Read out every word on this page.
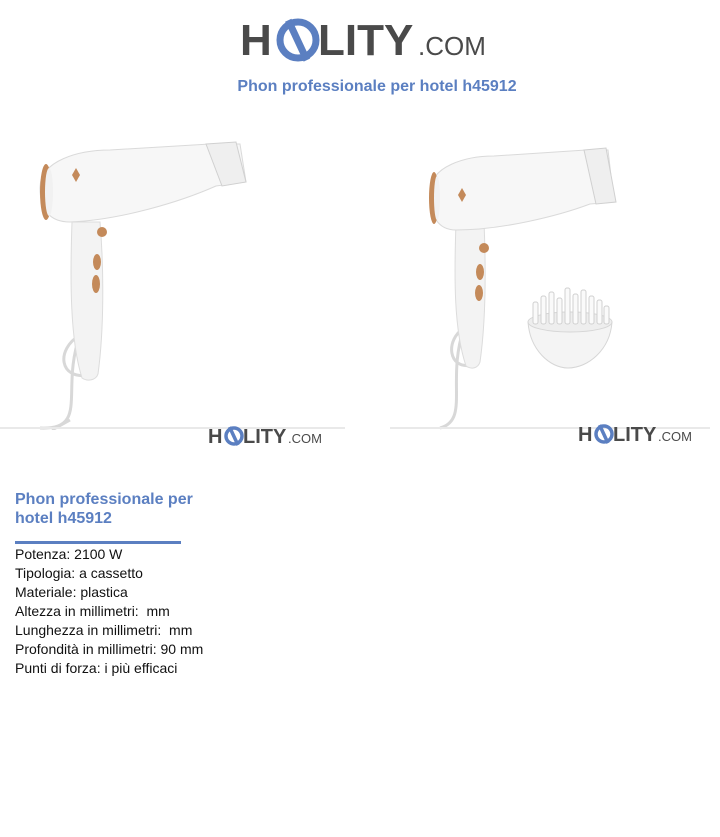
H LITY .COM
Phon professionale per hotel h45912
H LITY .COM	H LITY .COM
Phon professionale per hotel h45912
Potenza: 2100 W
Tipologia: a cassetto
Materiale: plastica
Altezza in millimetri:  mm
Lunghezza in millimetri:  mm
Profondità in millimetri: 90 mm
Punti di forza: i più efficaci
